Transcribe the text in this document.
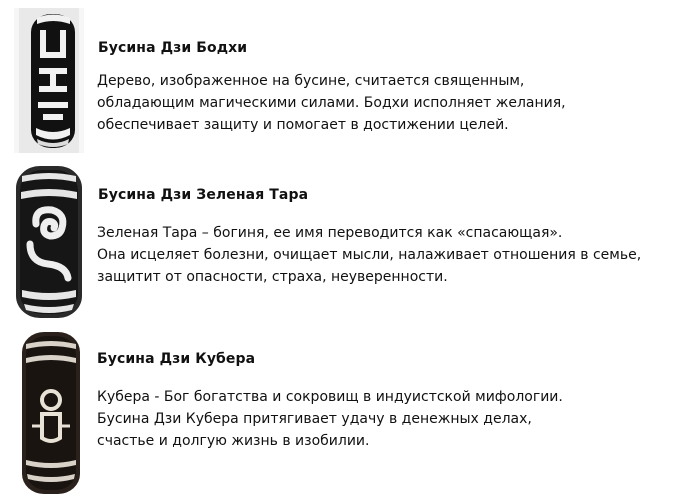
Бусина Дзи Бодхи
Дерево, изображенное на бусине, считается священным,
обладающим магическими силами. Бодхи исполняет желания,
обеспечивает защиту и помогает в достижении целей.
Бусина Дзи Зеленая Тара
Зеленая Тара – богиня, ее имя переводится как «спасающая».
Она исцеляет болезни, очищает мысли, налаживает отношения в семье,
защитит от опасности, страха, неуверенности.
Бусина Дзи Кубера
Кубера - Бог богатства и сокровищ в индуистской мифологии.
Бусина Дзи Кубера притягивает удачу в денежных делах,
счастье и долгую жизнь в изобилии.
